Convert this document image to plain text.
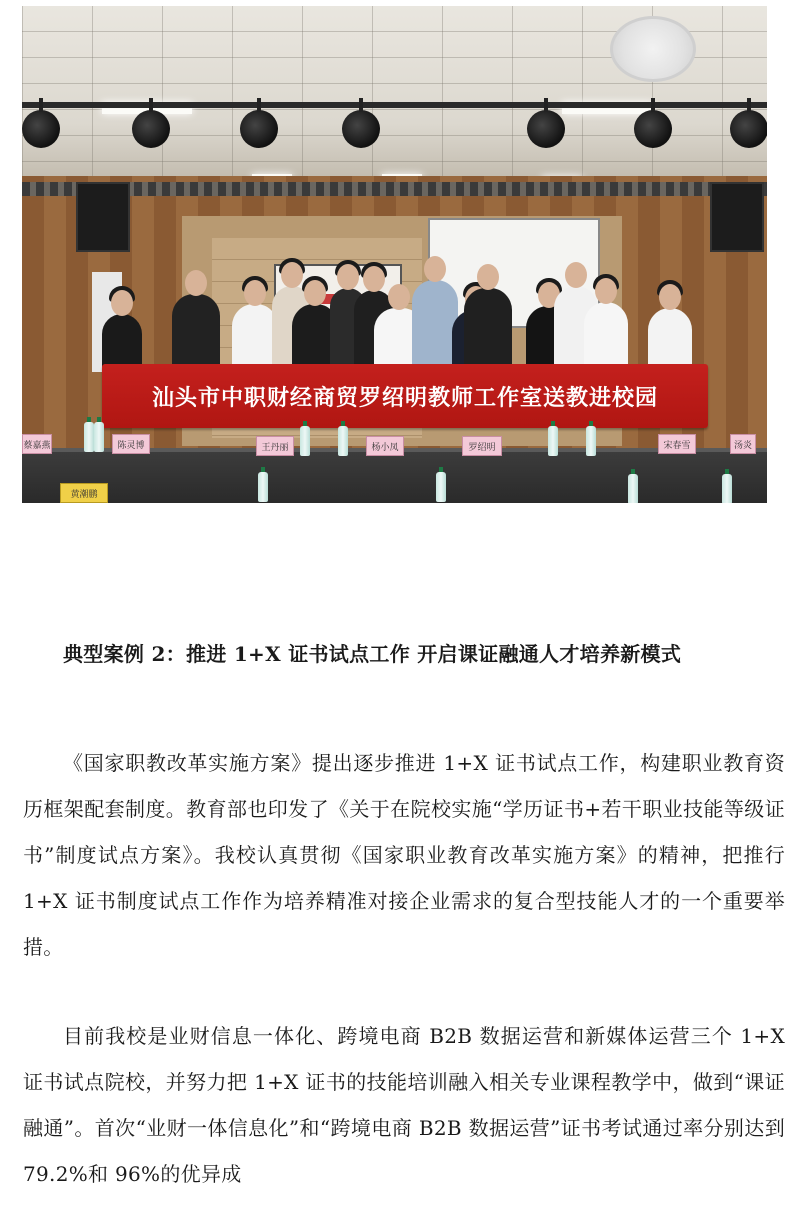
汕头市中职财经商贸罗绍明教师工作室送教进校园
蔡嘉燕	陈灵博	王丹丽	杨小凤	罗绍明	宋春雪	汤炎
黄潮鹏

典型案例 2：推进 1+X 证书试点工作 开启课证融通人才培养新模式

《国家职教改革实施方案》提出逐步推进 1+X 证书试点工作，构建职业教育资历框架配套制度。教育部也印发了《关于在院校实施“学历证书+若干职业技能等级证书”制度试点方案》。我校认真贯彻《国家职业教育改革实施方案》的精神，把推行 1+X 证书制度试点工作作为培养精准对接企业需求的复合型技能人才的一个重要举措。

目前我校是业财信息一体化、跨境电商 B2B 数据运营和新媒体运营三个 1+X 证书试点院校，并努力把 1+X 证书的技能培训融入相关专业课程教学中，做到“课证融通”。首次“业财一体信息化”和“跨境电商 B2B 数据运营”证书考试通过率分别达到 79.2%和 96%的优异成
